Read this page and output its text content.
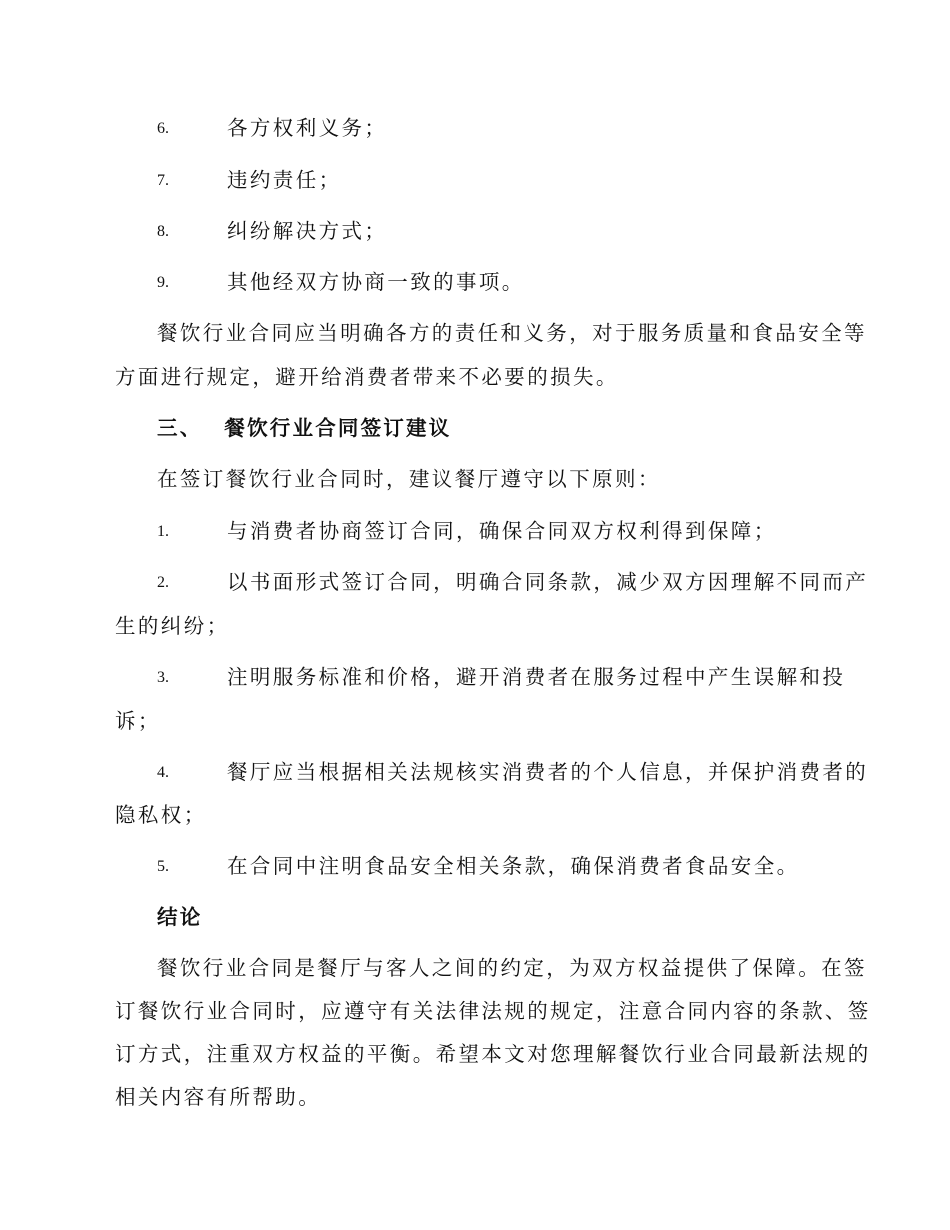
6.	各方权利义务；
7.	违约责任；
8.	纠纷解决方式；
9.	其他经双方协商一致的事项。
餐饮行业合同应当明确各方的责任和义务，对于服务质量和食品安全等
方面进行规定，避开给消费者带来不必要的损失。
三、 餐饮行业合同签订建议
在签订餐饮行业合同时，建议餐厅遵守以下原则：
1.	与消费者协商签订合同，确保合同双方权利得到保障；
2.	以书面形式签订合同，明确合同条款，减少双方因理解不同而产
生的纠纷；
3.	注明服务标准和价格，避开消费者在服务过程中产生误解和投
诉；
4.	餐厅应当根据相关法规核实消费者的个人信息，并保护消费者的
隐私权；
5.	在合同中注明食品安全相关条款，确保消费者食品安全。
结论
餐饮行业合同是餐厅与客人之间的约定，为双方权益提供了保障。在签
订餐饮行业合同时，应遵守有关法律法规的规定，注意合同内容的条款、签
订方式，注重双方权益的平衡。希望本文对您理解餐饮行业合同最新法规的
相关内容有所帮助。
